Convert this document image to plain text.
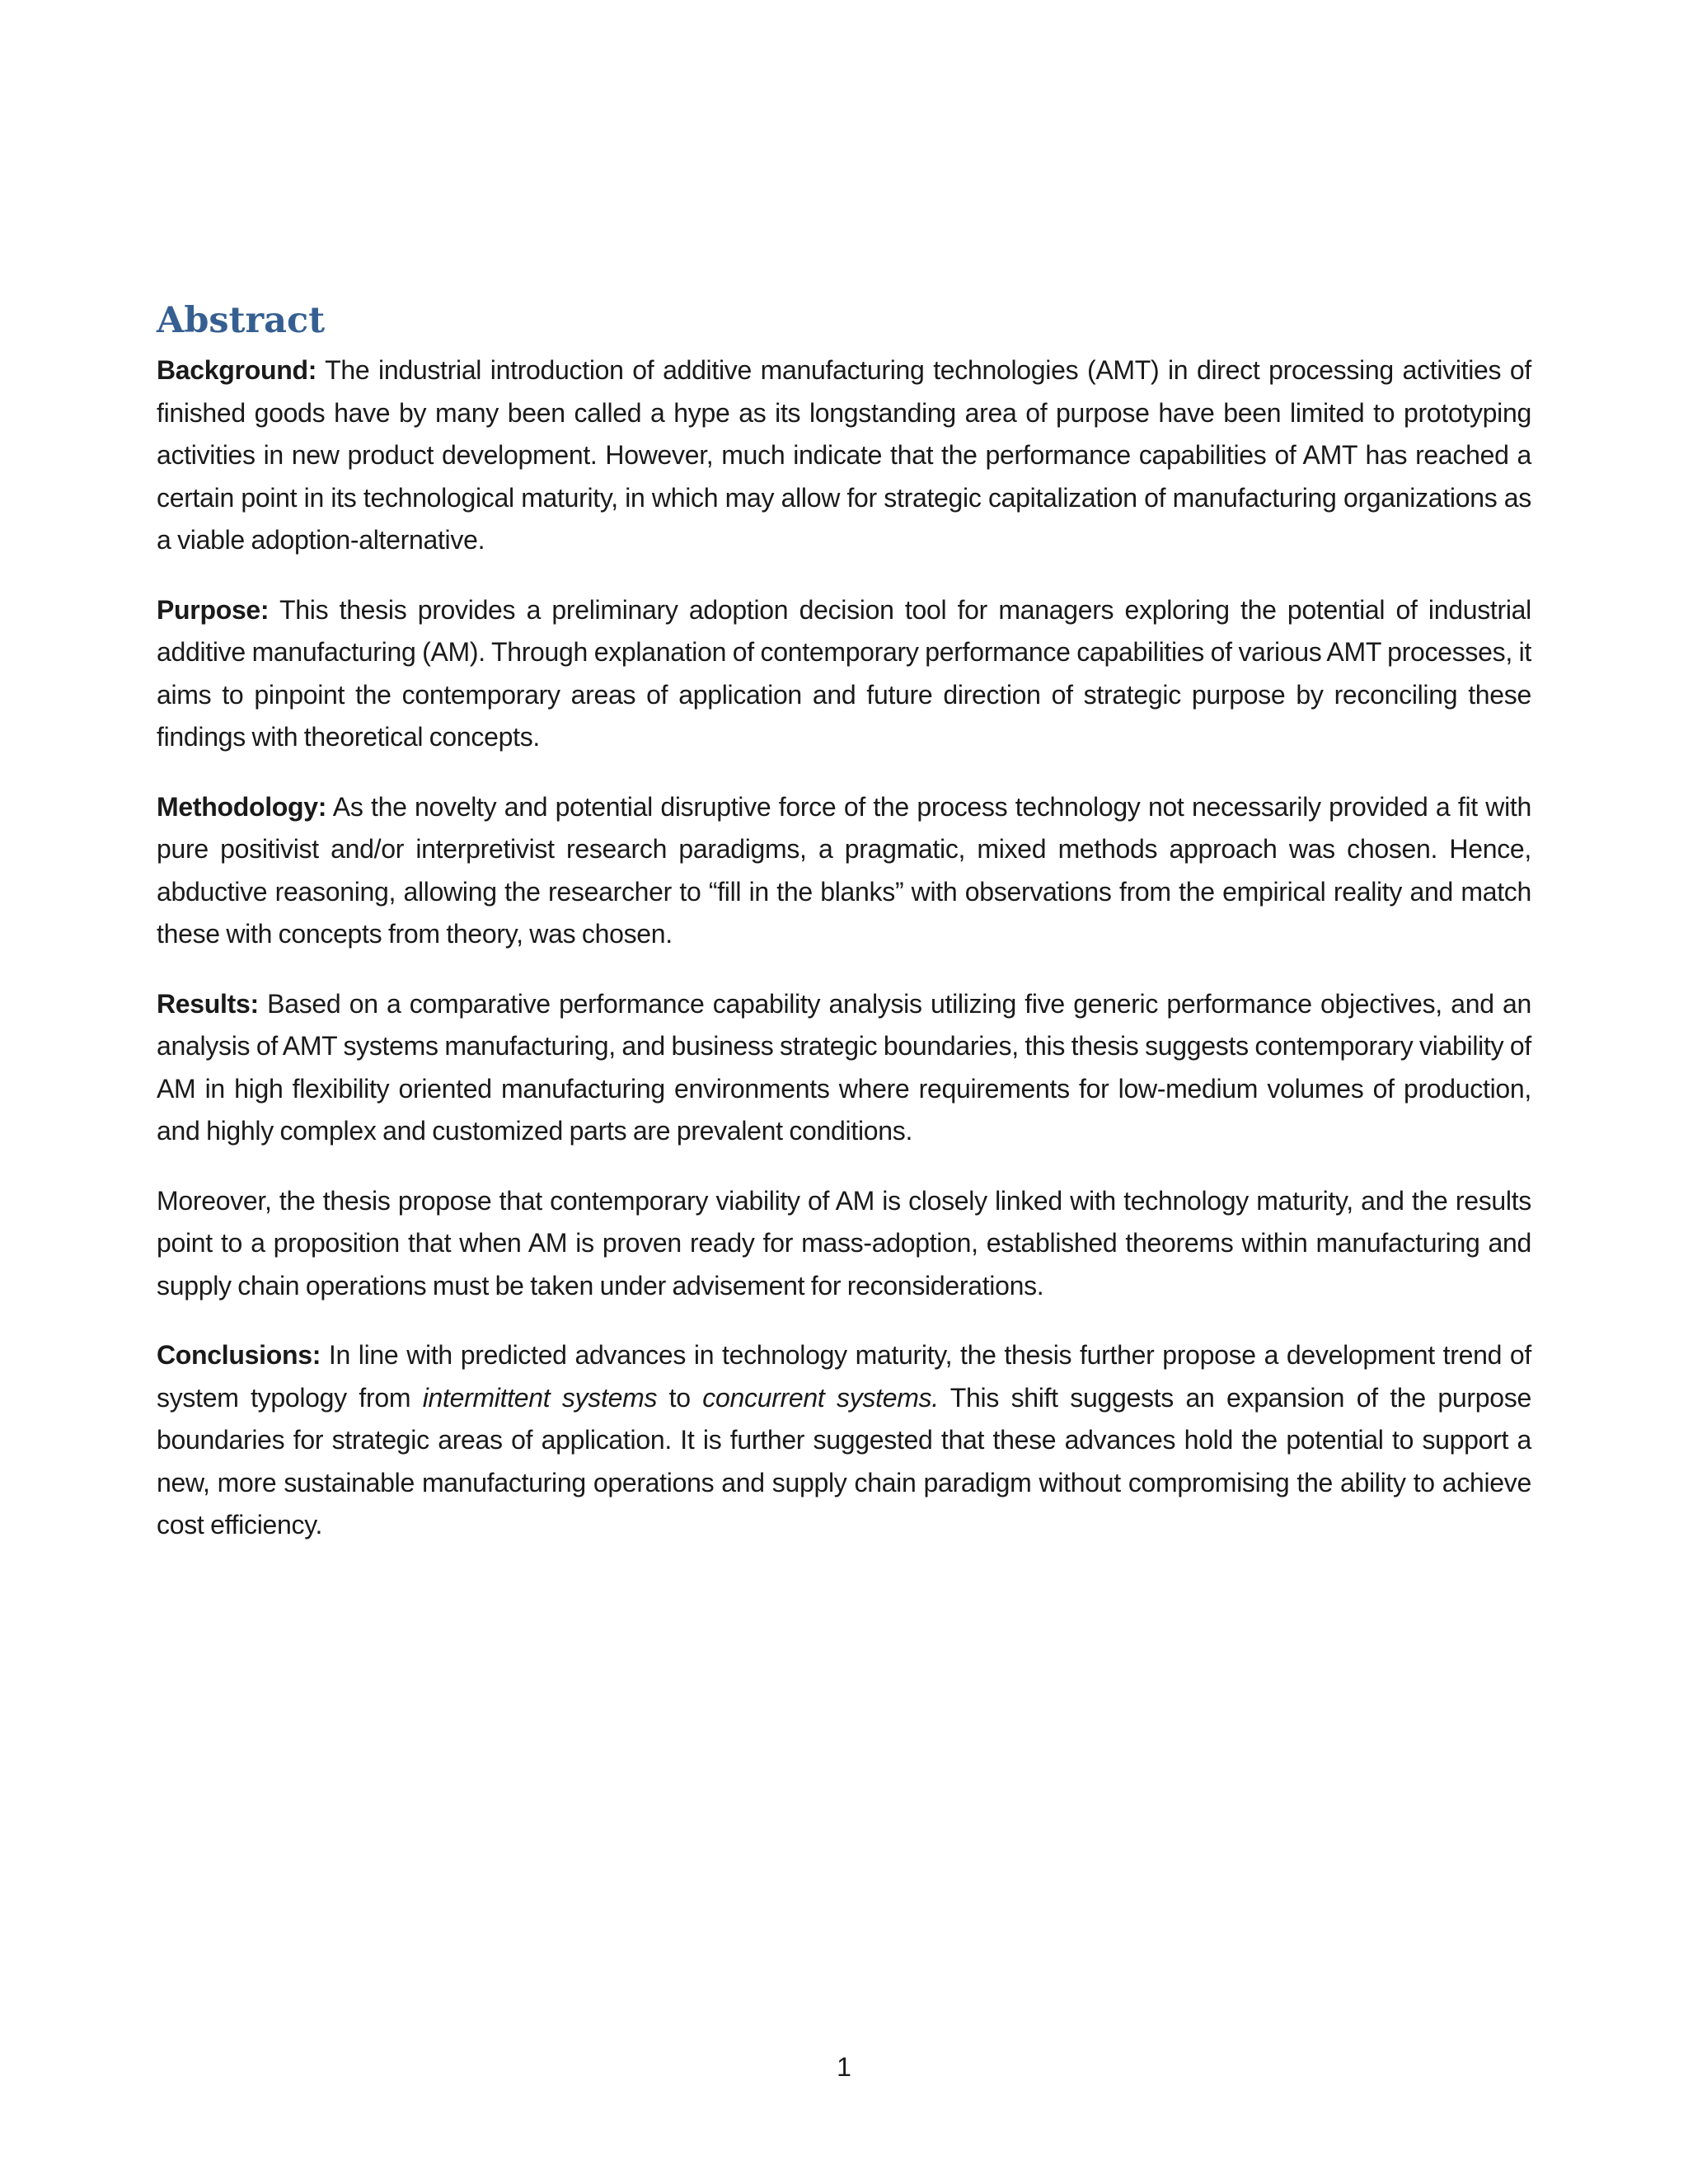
Abstract

Background: The industrial introduction of additive manufacturing technologies (AMT) in direct processing activities of finished goods have by many been called a hype as its longstanding area of purpose have been limited to prototyping activities in new product development. However, much indicate that the performance capabilities of AMT has reached a certain point in its technological maturity, in which may allow for strategic capitalization of manufacturing organizations as a viable adoption-alternative.

Purpose: This thesis provides a preliminary adoption decision tool for managers exploring the potential of industrial additive manufacturing (AM). Through explanation of contemporary performance capabilities of various AMT processes, it aims to pinpoint the contemporary areas of application and future direction of strategic purpose by reconciling these findings with theoretical concepts.

Methodology: As the novelty and potential disruptive force of the process technology not necessarily provided a fit with pure positivist and/or interpretivist research paradigms, a pragmatic, mixed methods approach was chosen. Hence, abductive reasoning, allowing the researcher to “fill in the blanks” with observations from the empirical reality and match these with concepts from theory, was chosen.

Results: Based on a comparative performance capability analysis utilizing five generic performance objectives, and an analysis of AMT systems manufacturing, and business strategic boundaries, this thesis suggests contemporary viability of AM in high flexibility oriented manufacturing environments where requirements for low-medium volumes of production, and highly complex and customized parts are prevalent conditions.

Moreover, the thesis propose that contemporary viability of AM is closely linked with technology maturity, and the results point to a proposition that when AM is proven ready for mass-adoption, established theorems within manufacturing and supply chain operations must be taken under advisement for reconsiderations.

Conclusions: In line with predicted advances in technology maturity, the thesis further propose a development trend of system typology from intermittent systems to concurrent systems. This shift suggests an expansion of the purpose boundaries for strategic areas of application. It is further suggested that these advances hold the potential to support a new, more sustainable manufacturing operations and supply chain paradigm without compromising the ability to achieve cost efficiency.

1
